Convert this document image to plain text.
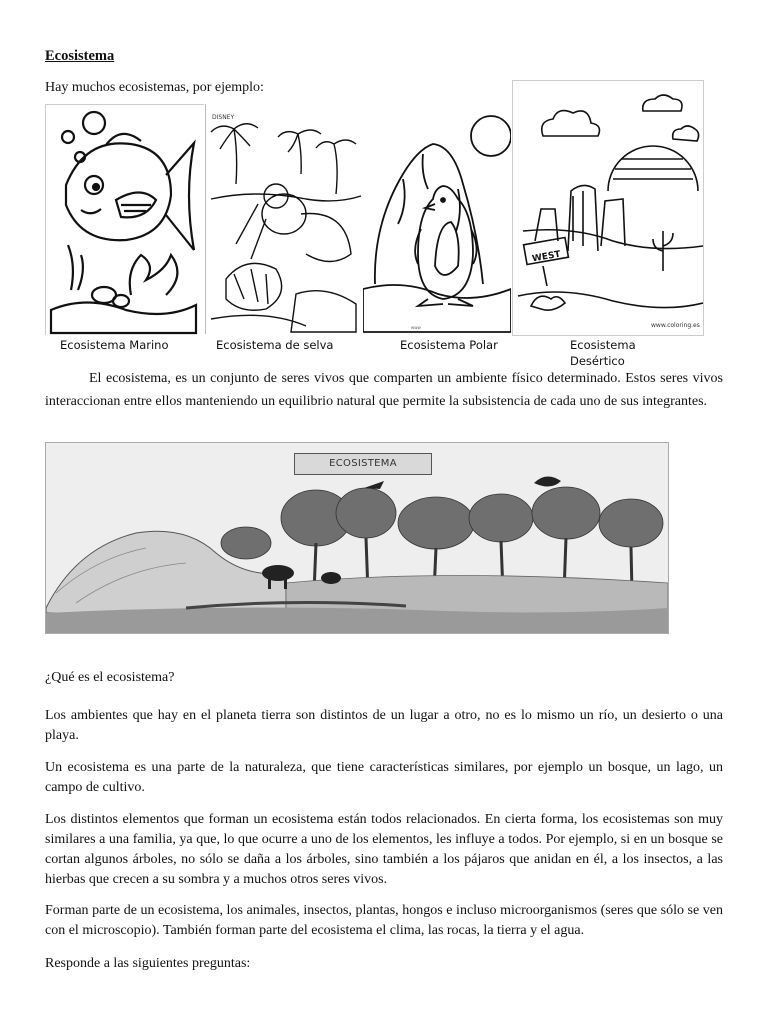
Ecosistema
Hay muchos ecosistemas, por ejemplo:
DISNEY
www
WEST
www.coloring.es
Ecosistema Marino	Ecosistema de selva	Ecosistema Polar	Ecosistema
Desértico
El ecosistema, es un conjunto de seres vivos que comparten un ambiente físico determinado. Estos seres vivos interaccionan entre ellos manteniendo un equilibrio natural que permite la subsistencia de cada uno de sus integrantes.
ECOSISTEMA
¿Qué es el ecosistema?
Los ambientes que hay en el planeta tierra son distintos de un lugar a otro, no es lo mismo un río, un desierto o una playa.
Un ecosistema es una parte de la naturaleza, que tiene características similares, por ejemplo un bosque, un lago, un campo de cultivo.
Los distintos elementos que forman un ecosistema están todos relacionados. En cierta forma, los ecosistemas son muy similares a una familia, ya que, lo que ocurre a uno de los elementos, les influye a todos. Por ejemplo, si en un bosque se cortan algunos árboles, no sólo se daña a los árboles, sino también a los pájaros que anidan en él, a los insectos, a las hierbas que crecen a su sombra y a muchos otros seres vivos.
Forman parte de un ecosistema, los animales, insectos, plantas, hongos e incluso microorganismos (seres que sólo se ven con el microscopio). También forman parte del ecosistema el clima, las rocas, la tierra y el agua.
Responde a las siguientes preguntas:
